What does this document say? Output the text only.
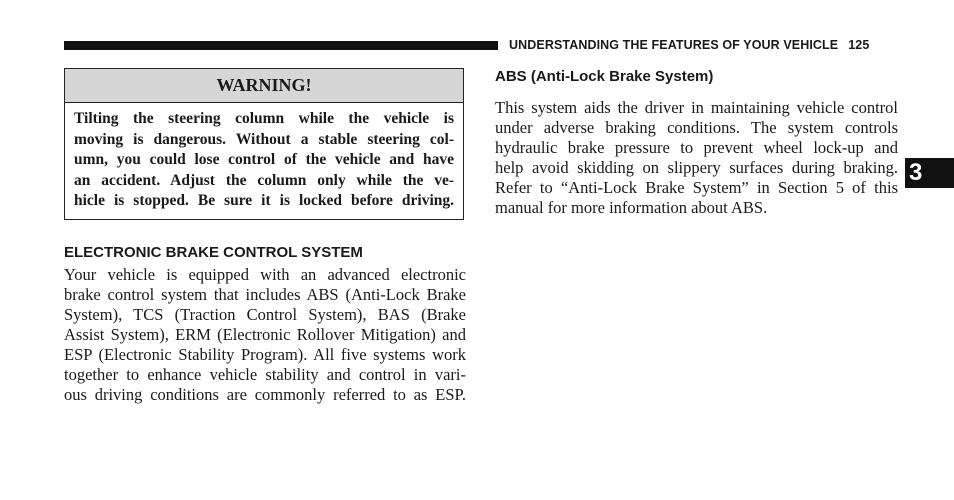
UNDERSTANDING THE FEATURES OF YOUR VEHICLE 125
WARNING!
Tilting the steering column while the vehicle is
moving is dangerous. Without a stable steering col-
umn, you could lose control of the vehicle and have
an accident. Adjust the column only while the ve-
hicle is stopped. Be sure it is locked before driving.
ELECTRONIC BRAKE CONTROL SYSTEM
Your vehicle is equipped with an advanced electronic
brake control system that includes ABS (Anti-Lock Brake
System), TCS (Traction Control System), BAS (Brake
Assist System), ERM (Electronic Rollover Mitigation) and
ESP (Electronic Stability Program). All five systems work
together to enhance vehicle stability and control in vari-
ous driving conditions are commonly referred to as ESP.
ABS (Anti-Lock Brake System)
This system aids the driver in maintaining vehicle control
under adverse braking conditions. The system controls
hydraulic brake pressure to prevent wheel lock-up and
help avoid skidding on slippery surfaces during braking.
Refer to “Anti-Lock Brake System” in Section 5 of this
manual for more information about ABS.
3
